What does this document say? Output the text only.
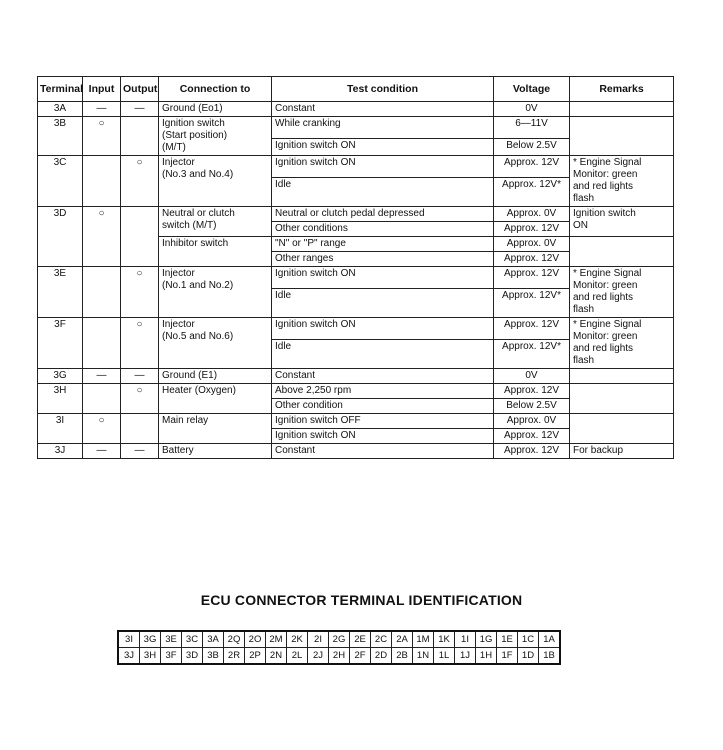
Terminal	Input	Output	Connection to	Test condition	Voltage	Remarks
3A	—	—	Ground (Eo1)	Constant	0V	
3B	○		Ignition switch
(Start position)
(M/T)	While cranking	6—11V	
				Ignition switch ON	Below 2.5V	
3C		○	Injector
(No.3 and No.4)	Ignition switch ON	Approx. 12V	* Engine Signal
Monitor: green
and red lights
flash
				Idle	Approx. 12V*	
3D	○		Neutral or clutch
switch (M/T)	Neutral or clutch pedal depressed	Approx. 0V	Ignition switch
ON
				Other conditions	Approx. 12V	
			Inhibitor switch	"N" or "P" range	Approx. 0V	
				Other ranges	Approx. 12V	
3E		○	Injector
(No.1 and No.2)	Ignition switch ON	Approx. 12V	* Engine Signal
Monitor: green
and red lights
flash
				Idle	Approx. 12V*	
3F		○	Injector
(No.5 and No.6)	Ignition switch ON	Approx. 12V	* Engine Signal
Monitor: green
and red lights
flash
				Idle	Approx. 12V*	
3G	—	—	Ground (E1)	Constant	0V	
3H		○	Heater (Oxygen)	Above 2,250 rpm	Approx. 12V	
				Other condition	Below 2.5V	
3I	○		Main relay	Ignition switch OFF	Approx. 0V	
				Ignition switch ON	Approx. 12V	
3J	—	—	Battery	Constant	Approx. 12V	For backup
ECU CONNECTOR TERMINAL IDENTIFICATION
3I	3G	3E	3C	3A	2Q	2O	2M	2K	2I	2G	2E	2C	2A	1M	1K	1I	1G	1E	1C	1A
3J	3H	3F	3D	3B	2R	2P	2N	2L	2J	2H	2F	2D	2B	1N	1L	1J	1H	1F	1D	1B
